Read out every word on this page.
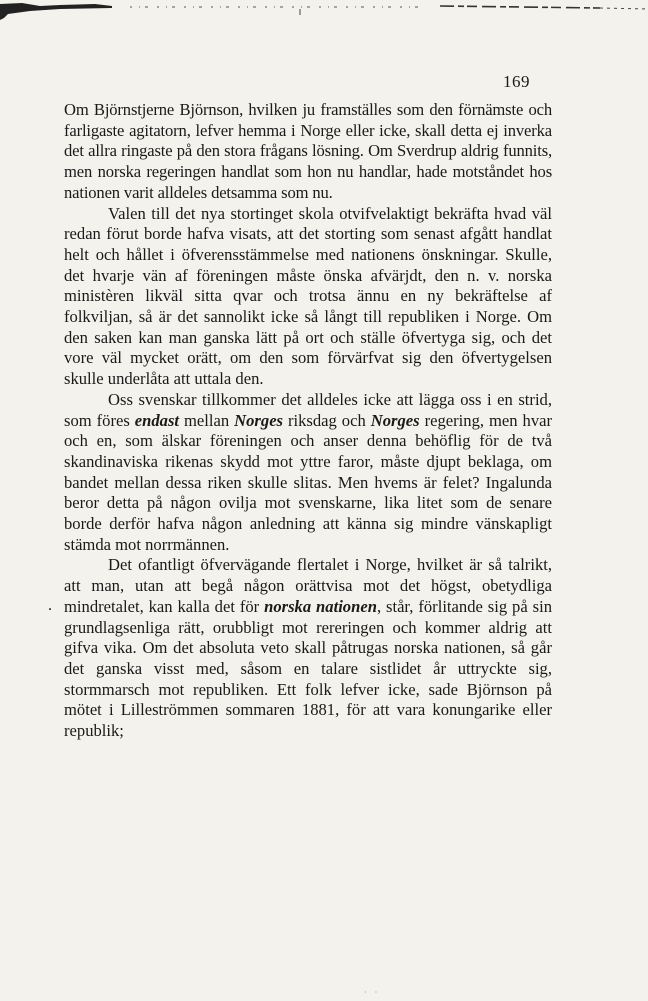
169

Om Björnstjerne Björnson, hvilken ju framställes som den förnämste och farligaste agitatorn, lefver hemma i Norge eller icke, skall detta ej inverka det allra ringaste på den stora frågans lösning. Om Sverdrup aldrig funnits, men norska regeringen handlat som hon nu handlar, hade motståndet hos nationen varit alldeles detsamma som nu.

Valen till det nya stortinget skola otvifvelaktigt bekräfta hvad väl redan förut borde hafva visats, att det storting som senast afgått handlat helt och hållet i öfverensstämmelse med nationens önskningar. Skulle, det hvarje vän af föreningen måste önska afvärjdt, den n. v. norska ministèren likväl sitta qvar och trotsa ännu en ny bekräftelse af folkviljan, så är det sannolikt icke så långt till republiken i Norge. Om den saken kan man ganska lätt på ort och ställe öfvertyga sig, och det vore väl mycket orätt, om den som förvärfvat sig den öfvertygelsen skulle underlåta att uttala den.

Oss svenskar tillkommer det alldeles icke att lägga oss i en strid, som föres endast mellan Norges riksdag och Norges regering, men hvar och en, som älskar föreningen och anser denna behöflig för de två skandinaviska rikenas skydd mot yttre faror, måste djupt beklaga, om bandet mellan dessa riken skulle slitas. Men hvems är felet? Ingalunda beror detta på någon ovilja mot svenskarne, lika litet som de senare borde derför hafva någon anledning att känna sig mindre vänskapligt stämda mot norrmännen.

Det ofantligt öfvervägande flertalet i Norge, hvilket är så talrikt, att man, utan att begå någon orättvisa mot det högst, obetydliga mindretalet, kan kalla det för norska nationen, står, förlitande sig på sin grundlagsenliga rätt, orubbligt mot rereringen och kommer aldrig att gifva vika. Om det absoluta veto skall påtrugas norska nationen, så går det ganska visst med, såsom en talare sistlidet år uttryckte sig, stormmarsch mot republiken. Ett folk lefver icke, sade Björnson på mötet i Lilleströmmen sommaren 1881, för att vara konungarike eller republik;

.
· ·
